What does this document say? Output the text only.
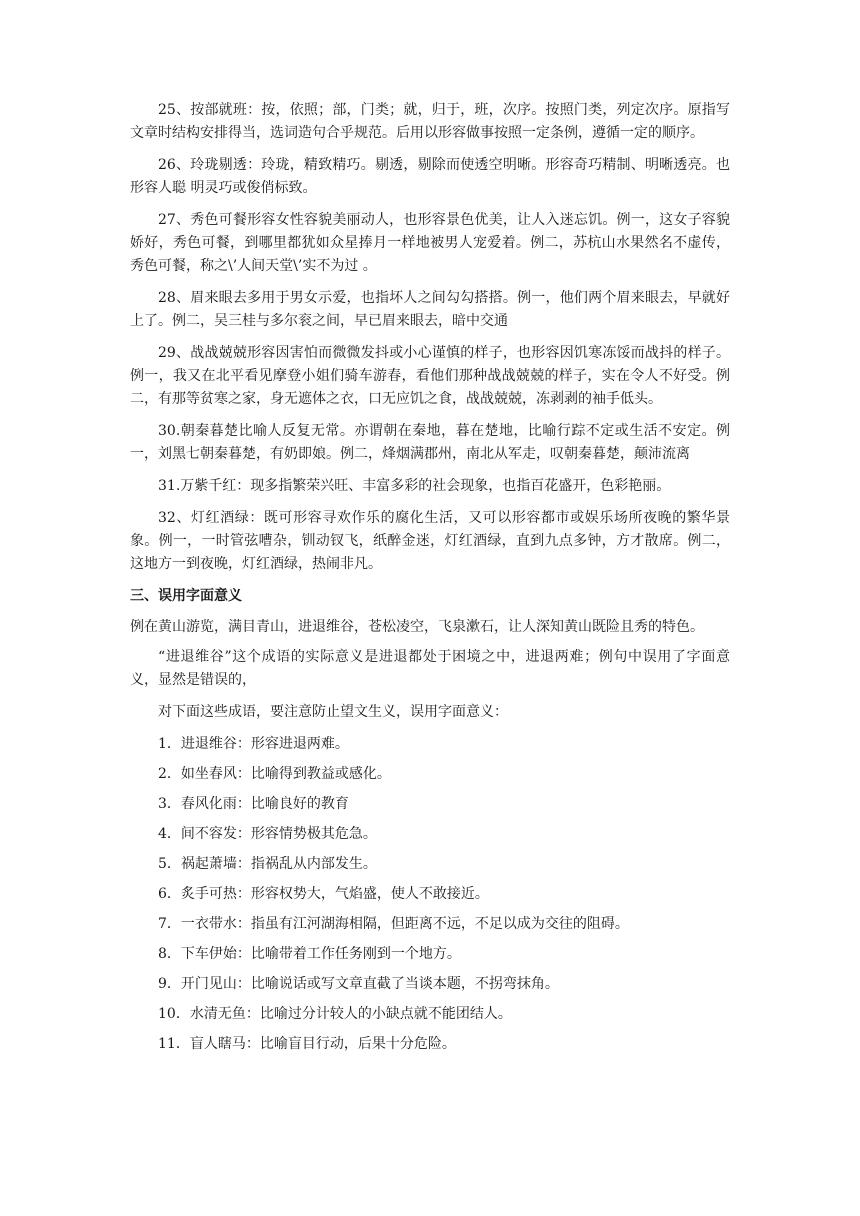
25、按部就班：按，依照；部，门类；就，归于，班，次序。按照门类，列定次序。原指写文章时结构安排得当，选词造句合乎规范。后用以形容做事按照一定条例，遵循一定的顺序。

26、玲珑剔透：玲珑，精致精巧。剔透，剔除而使透空明晰。形容奇巧精制、明晰透亮。也形容人聪 明灵巧或俊俏标致。

27、秀色可餐形容女性容貌美丽动人，也形容景色优美，让人入迷忘饥。例一，这女子容貌娇好，秀色可餐，到哪里都犹如众星捧月一样地被男人宠爱着。例二，苏杭山水果然名不虚传，秀色可餐，称之\’人间天堂\’实不为过 。

28、眉来眼去多用于男女示爱，也指坏人之间勾勾搭搭。例一，他们两个眉来眼去，早就好上了。例二，吴三桂与多尔衮之间，早已眉来眼去，暗中交通

29、战战兢兢形容因害怕而微微发抖或小心谨慎的样子，也形容因饥寒冻馁而战抖的样子。例一，我又在北平看见摩登小姐们骑车游春，看他们那种战战兢兢的样子，实在令人不好受。例二，有那等贫寒之家，身无遮体之衣，口无应饥之食，战战兢兢，冻剥剥的袖手低头。

30.朝秦暮楚比喻人反复无常。亦谓朝在秦地，暮在楚地，比喻行踪不定或生活不安定。例一，刘黑七朝秦暮楚，有奶即娘。例二，烽烟满郡州，南北从军走，叹朝秦暮楚，颠沛流离

31.万紫千红：现多指繁荣兴旺、丰富多彩的社会现象，也指百花盛开，色彩艳丽。

32、灯红酒绿：既可形容寻欢作乐的腐化生活，又可以形容都市或娱乐场所夜晚的繁华景象。例一，一时管弦嘈杂，钏动钗飞，纸醉金迷，灯红酒绿，直到九点多钟，方才散席。例二，这地方一到夜晚，灯红酒绿，热闹非凡。

三、误用字面意义

例在黄山游览，满目青山，进退维谷，苍松凌空，飞泉漱石，让人深知黄山既险且秀的特色。

“进退维谷”这个成语的实际意义是进退都处于困境之中，进退两难；例句中误用了字面意义，显然是错误的，

对下面这些成语，要注意防止望文生义，误用字面意义：

1．进退维谷：形容进退两难。
2．如坐春风：比喻得到教益或感化。
3．春风化雨：比喻良好的教育
4．间不容发：形容情势极其危急。
5．祸起萧墙：指祸乱从内部发生。
6．炙手可热：形容权势大，气焰盛，使人不敢接近。
7．一衣带水：指虽有江河湖海相隔，但距离不远，不足以成为交往的阻碍。
8．下车伊始：比喻带着工作任务刚到一个地方。
9．开门见山：比喻说话或写文章直截了当谈本题，不拐弯抹角。
10．水清无鱼：比喻过分计较人的小缺点就不能团结人。
11．盲人瞎马：比喻盲目行动，后果十分危险。
